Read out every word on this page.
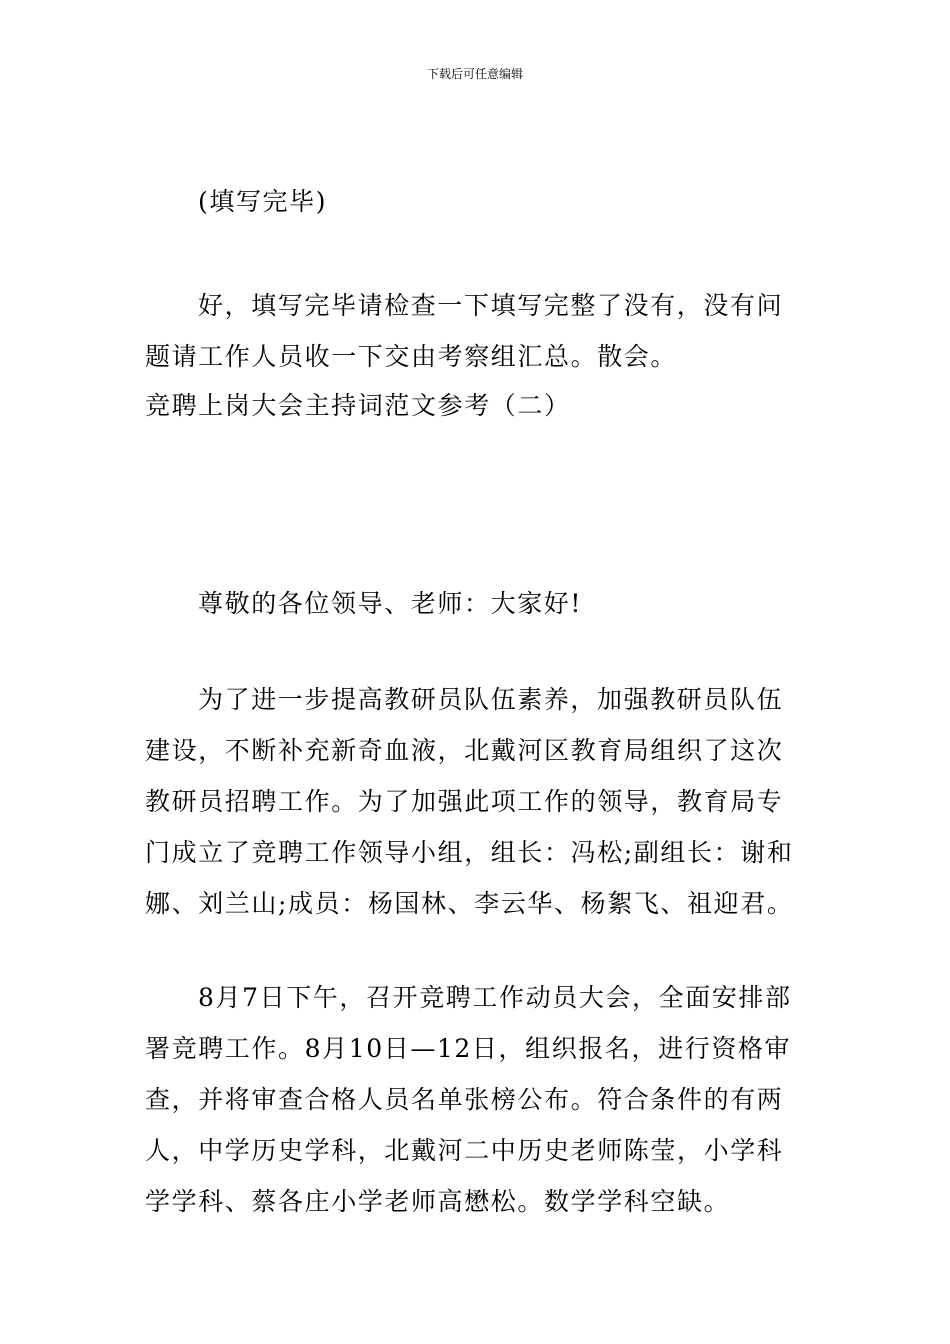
下载后可任意编辑

(填写完毕)

好，填写完毕请检查一下填写完整了没有，没有问题请工作人员收一下交由考察组汇总。散会。

竞聘上岗大会主持词范文参考（二）

尊敬的各位领导、老师：大家好!

为了进一步提高教研员队伍素养，加强教研员队伍建设，不断补充新奇血液，北戴河区教育局组织了这次教研员招聘工作。为了加强此项工作的领导，教育局专门成立了竞聘工作领导小组，组长：冯松;副组长：谢和娜、刘兰山;成员：杨国林、李云华、杨絮飞、祖迎君。

8月7日下午，召开竞聘工作动员大会，全面安排部署竞聘工作。8月10日—12日，组织报名，进行资格审查，并将审查合格人员名单张榜公布。符合条件的有两人，中学历史学科，北戴河二中历史老师陈莹，小学科学学科、蔡各庄小学老师高懋松。数学学科空缺。
